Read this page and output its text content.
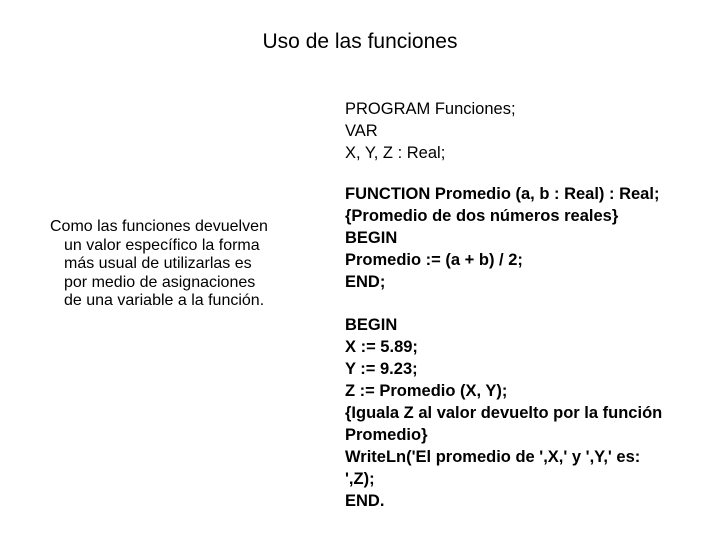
Uso de las funciones
Como las funciones devuelven
un valor específico la forma
más usual de utilizarlas es
por medio de asignaciones
de una variable a la función.
PROGRAM Funciones;
VAR
X, Y, Z : Real;
FUNCTION Promedio (a, b : Real) : Real;
{Promedio de dos números reales}
BEGIN
Promedio := (a + b) / 2;
END;
BEGIN
X := 5.89;
Y := 9.23;
Z := Promedio (X, Y);
{Iguala Z al valor devuelto por la función
Promedio}
WriteLn('El promedio de ',X,' y ',Y,' es:
',Z);
END.
